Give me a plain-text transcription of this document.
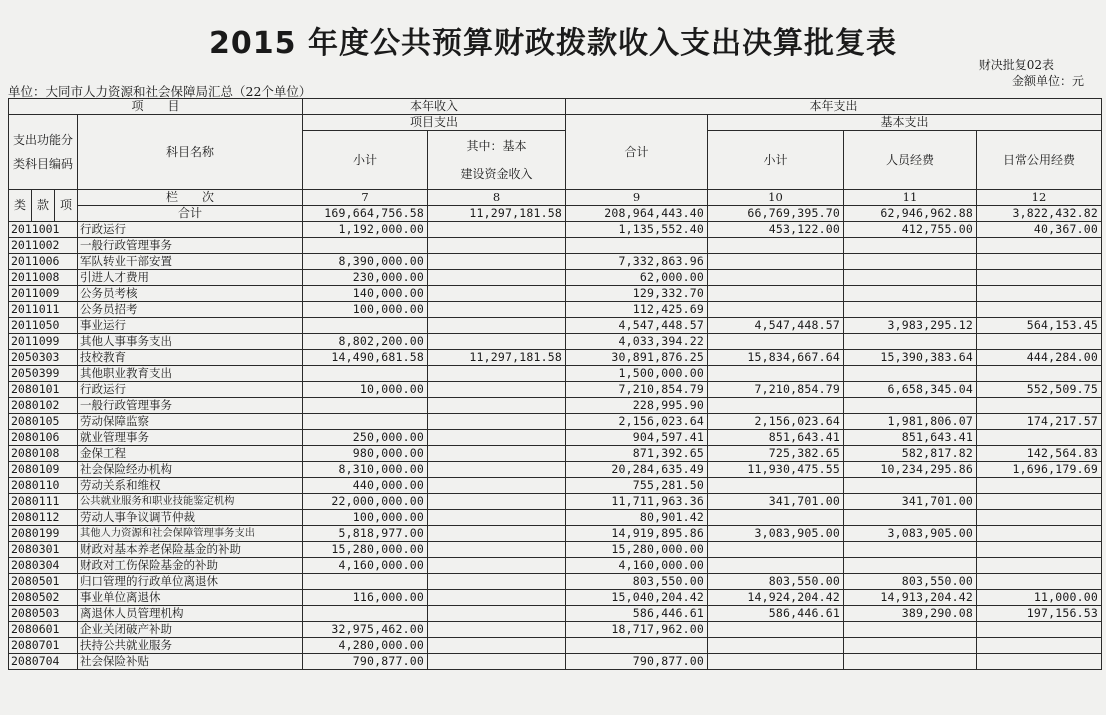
2015 年度公共预算财政拨款收入支出决算批复表
财决批复02表
金额单位：元
单位：大同市人力资源和社会保障局汇总（22个单位）
项　　目				本年收入		本年支出			

支出功能分
类科目编码			科目名称	项目支出		合计	基本支出		
				小计	其中：基本
建设资金收入		小计	人员经费	日常公用经费

类	款	项	栏　　次	7	8	9	10	11	12
			合计	169,664,756.58	11,297,181.58	208,964,443.40	66,769,395.70	62,946,962.88	3,822,432.82
2011001			行政运行	1,192,000.00		1,135,552.40	453,122.00	412,755.00	40,367.00
2011002			一般行政管理事务						
2011006			军队转业干部安置	8,390,000.00		7,332,863.96			
2011008			引进人才费用	230,000.00		62,000.00			
2011009			公务员考核	140,000.00		129,332.70			
2011011			公务员招考	100,000.00		112,425.69			
2011050			事业运行			4,547,448.57	4,547,448.57	3,983,295.12	564,153.45
2011099			其他人事事务支出	8,802,200.00		4,033,394.22			
2050303			技校教育	14,490,681.58	11,297,181.58	30,891,876.25	15,834,667.64	15,390,383.64	444,284.00
2050399			其他职业教育支出			1,500,000.00			
2080101			行政运行	10,000.00		7,210,854.79	7,210,854.79	6,658,345.04	552,509.75
2080102			一般行政管理事务			228,995.90			
2080105			劳动保障监察			2,156,023.64	2,156,023.64	1,981,806.07	174,217.57
2080106			就业管理事务	250,000.00		904,597.41	851,643.41	851,643.41	
2080108			金保工程	980,000.00		871,392.65	725,382.65	582,817.82	142,564.83
2080109			社会保险经办机构	8,310,000.00		20,284,635.49	11,930,475.55	10,234,295.86	1,696,179.69
2080110			劳动关系和维权	440,000.00		755,281.50			
2080111			公共就业服务和职业技能鉴定机构	22,000,000.00		11,711,963.36	341,701.00	341,701.00	
2080112			劳动人事争议调节仲裁	100,000.00		80,901.42			
2080199			其他人力资源和社会保障管理事务支出	5,818,977.00		14,919,895.86	3,083,905.00	3,083,905.00	
2080301			财政对基本养老保险基金的补助	15,280,000.00		15,280,000.00			
2080304			财政对工伤保险基金的补助	4,160,000.00		4,160,000.00			
2080501			归口管理的行政单位离退休			803,550.00	803,550.00	803,550.00	
2080502			事业单位离退休	116,000.00		15,040,204.42	14,924,204.42	14,913,204.42	11,000.00
2080503			离退休人员管理机构			586,446.61	586,446.61	389,290.08	197,156.53
2080601			企业关闭破产补助	32,975,462.00		18,717,962.00			
2080701			扶持公共就业服务	4,280,000.00					
2080704			社会保险补贴	790,877.00		790,877.00			
